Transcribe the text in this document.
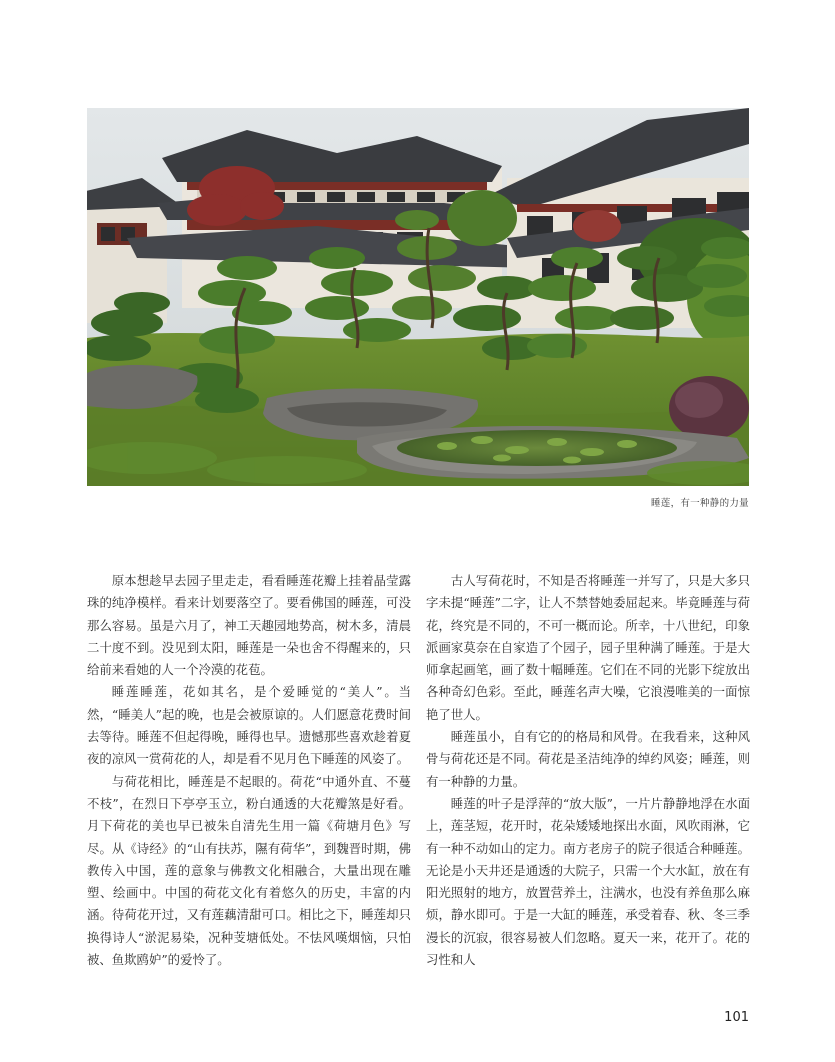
睡莲，有一种静的力量

原本想趁早去园子里走走，看看睡莲花瓣上挂着晶莹露珠的纯净模样。看来计划要落空了。要看佛国的睡莲，可没那么容易。虽是六月了，神工天趣园地势高，树木多，清晨二十度不到。没见到太阳，睡莲是一朵也舍不得醒来的，只给前来看她的人一个冷漠的花苞。

睡莲睡莲，花如其名，是个爱睡觉的“美人”。当然，“睡美人”起的晚，也是会被原谅的。人们愿意花费时间去等待。睡莲不但起得晚，睡得也早。遗憾那些喜欢趁着夏夜的凉风一赏荷花的人，却是看不见月色下睡莲的风姿了。

与荷花相比，睡莲是不起眼的。荷花“中通外直、不蔓不枝”，在烈日下亭亭玉立，粉白通透的大花瓣煞是好看。月下荷花的美也早已被朱自清先生用一篇《荷塘月色》写尽。从《诗经》的“山有扶苏，隰有荷华”，到魏晋时期，佛教传入中国，莲的意象与佛教文化相融合，大量出现在雕塑、绘画中。中国的荷花文化有着悠久的历史，丰富的内涵。待荷花开过，又有莲藕清甜可口。相比之下，睡莲却只换得诗人“淤泥易染，况种芰塘低处。不怯风嘆烟恼，只怕被、鱼欺鸥妒”的爱怜了。

古人写荷花时，不知是否将睡莲一并写了，只是大多只字未提“睡莲”二字，让人不禁替她委屈起来。毕竟睡莲与荷花，终究是不同的，不可一概而论。所幸，十八世纪，印象派画家莫奈在自家造了个园子，园子里种满了睡莲。于是大师拿起画笔，画了数十幅睡莲。它们在不同的光影下绽放出各种奇幻色彩。至此，睡莲名声大噪，它浪漫唯美的一面惊艳了世人。

睡莲虽小，自有它的的格局和风骨。在我看来，这种风骨与荷花还是不同。荷花是圣洁纯净的绰约风姿；睡莲，则有一种静的力量。

睡莲的叶子是浮萍的“放大版”，一片片静静地浮在水面上，莲茎短，花开时，花朵矮矮地探出水面，风吹雨淋，它有一种不动如山的定力。南方老房子的院子很适合种睡莲。无论是小天井还是通透的大院子，只需一个大水缸，放在有阳光照射的地方，放置营养土，注满水，也没有养鱼那么麻烦，静水即可。于是一大缸的睡莲，承受着春、秋、冬三季漫长的沉寂，很容易被人们忽略。夏天一来，花开了。花的习性和人

101
